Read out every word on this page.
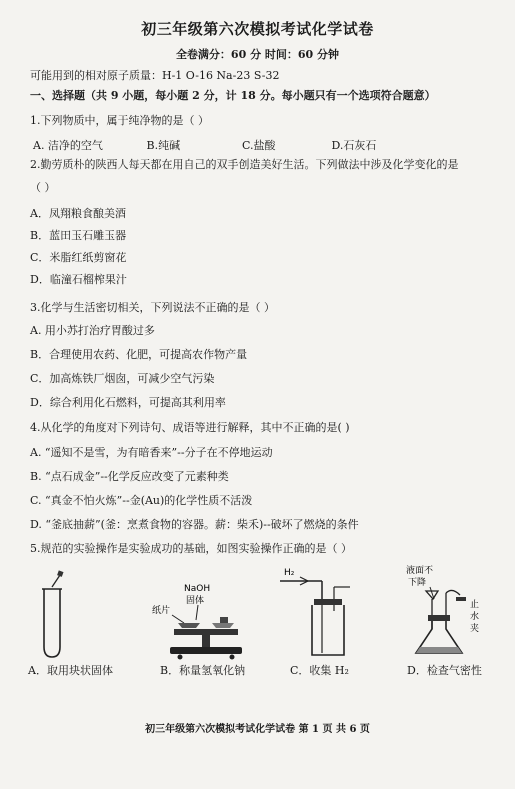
初三年级第六次模拟考试化学试卷
全卷满分：60 分 时间：60 分钟
可能用到的相对原子质量：H-1 O-16 Na-23 S-32
一、选择题（共 9 小题，每小题 2 分，计 18 分。每小题只有一个选项符合题意）
1.下列物质中，属于纯净物的是（ ）
A. 洁净的空气	B.纯碱	C.盐酸	D.石灰石
2.勤劳质朴的陕西人每天都在用自己的双手创造美好生活。下列做法中涉及化学变化的是
（ ）
A．凤翔粮食酿美酒
B．蓝田玉石雕玉器
C．米脂红纸剪窗花
D．临潼石榴榨果汁
3.化学与生活密切相关，下列说法不正确的是（ ）
A. 用小苏打治疗胃酸过多
B．合理使用农药、化肥，可提高农作物产量
C．加高炼铁厂烟囱，可减少空气污染
D．综合利用化石燃料，可提高其利用率
4.从化学的角度对下列诗句、成语等进行解释，其中不正确的是( )
A. “遥知不是雪，为有暗香来”--分子在不停地运动
B. “点石成金”--化学反应改变了元素种类
C. “真金不怕火炼”--金(Au)的化学性质不活泼
D. “釜底抽薪”(釜：烹煮食物的容器。薪：柴禾)--破坏了燃烧的条件
5.规范的实验操作是实验成功的基础，如图实验操作正确的是（ ）
NaOH
固体
纸片
H₂	液面不
下降
止
水
夹
A．取用块状固体	B．称量氢氧化钠	C．收集 H₂	D．检查气密性
初三年级第六次模拟考试化学试卷 第 1 页 共 6 页
